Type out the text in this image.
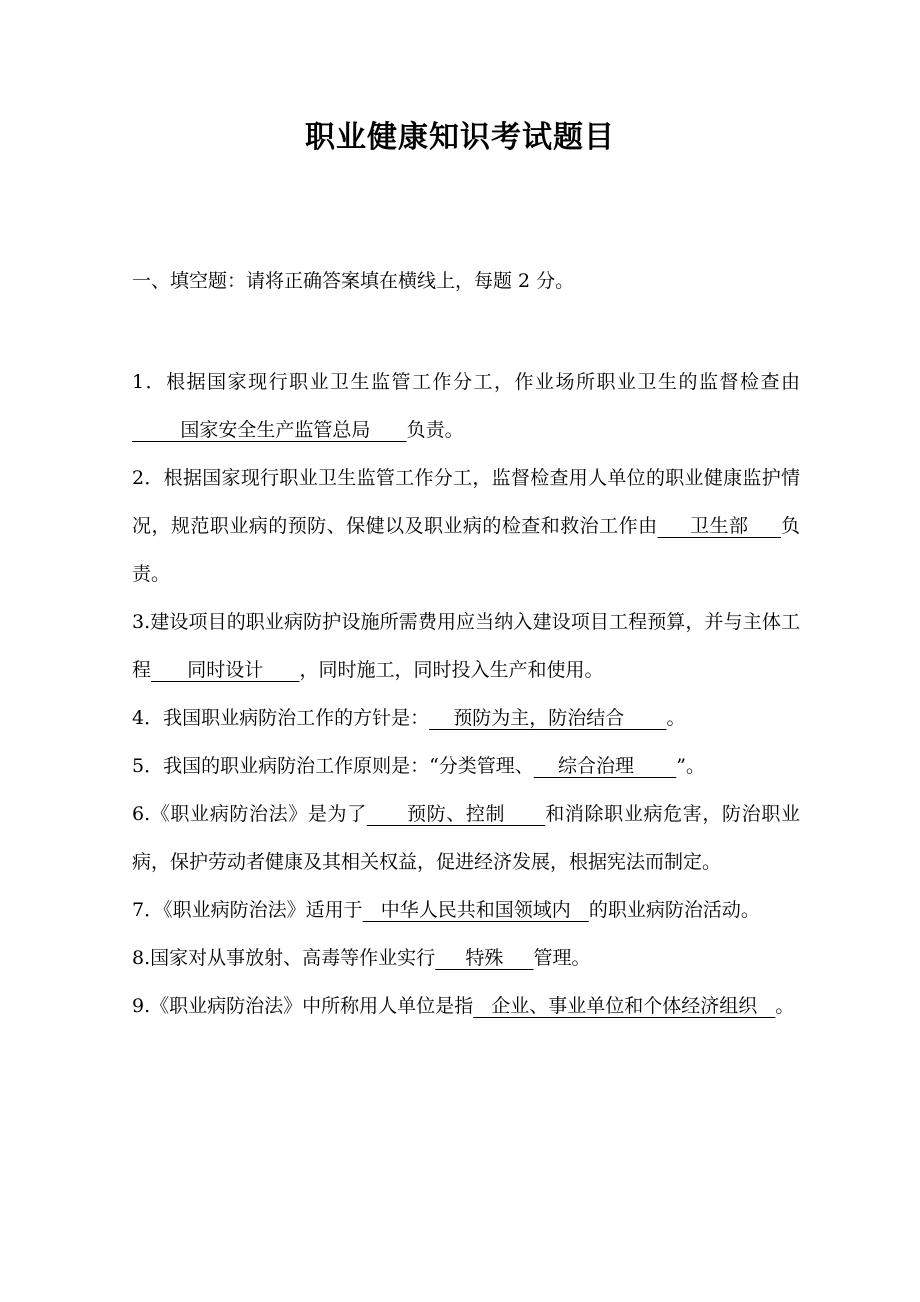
职业健康知识考试题目
一、填空题：请将正确答案填在横线上，每题 2 分。

1．根据国家现行职业卫生监管工作分工，作业场所职业卫生的监督检查由        国家安全生产监管总局      负责。

2．根据国家现行职业卫生监管工作分工，监督检查用人单位的职业健康监护情况，规范职业病的预防、保健以及职业病的检查和救治工作由     卫生部     负责。

3.建设项目的职业病防护设施所需费用应当纳入建设项目工程预算，并与主体工程      同时设计      ，同时施工，同时投入生产和使用。

4．我国职业病防治工作的方针是：    预防为主，防治结合       。

5．我国的职业病防治工作原则是：“分类管理、    综合治理       ”。

6.《职业病防治法》是为了      预防、控制      和消除职业病危害，防治职业病，保护劳动者健康及其相关权益，促进经济发展，根据宪法而制定。

7．《职业病防治法》适用于   中华人民共和国领域内   的职业病防治活动。

8.国家对从事放射、高毒等作业实行     特殊     管理。

9.《职业病防治法》中所称用人单位是指   企业、事业单位和个体经济组织   。
